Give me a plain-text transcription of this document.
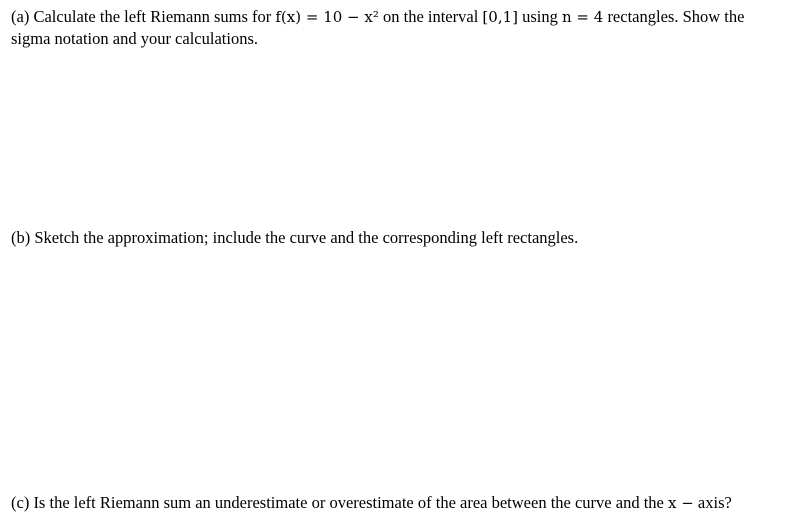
(a) Calculate the left Riemann sums for f(x) = 10 − x² on the interval [0,1] using n = 4 rectangles. Show the
sigma notation and your calculations.
(b) Sketch the approximation; include the curve and the corresponding left rectangles.
(c) Is the left Riemann sum an underestimate or overestimate of the area between the curve and the x − axis?
